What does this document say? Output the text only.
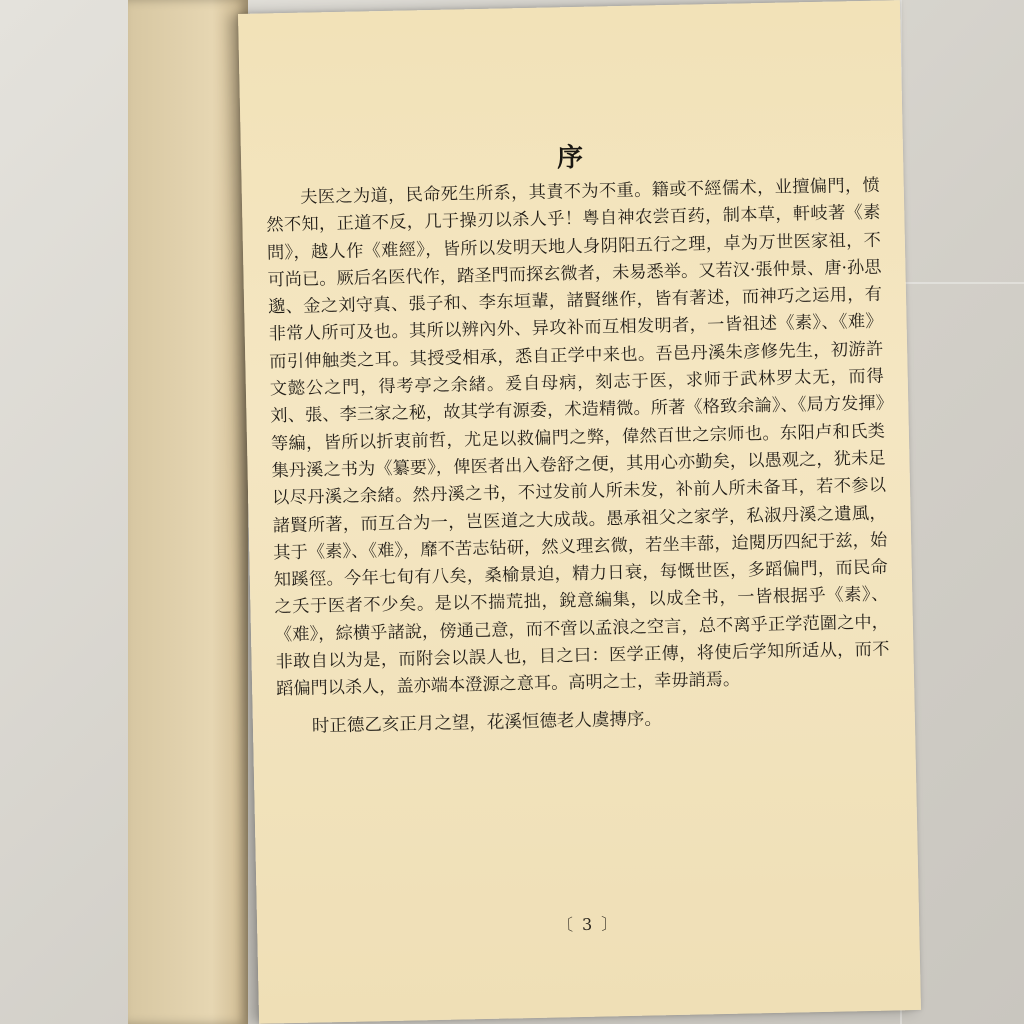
序

夫医之为道，民命死生所系，其責不为不重。籍或不經儒术，业擅偏門，愤然不知，正道不反，几于操刃以杀人乎！粤自神农尝百药，制本草，軒岐著《素問》，越人作《难經》，皆所以发明天地人身阴阳五行之理，卓为万世医家祖，不可尚已。厥后名医代作，踏圣門而探玄微者，未易悉举。又若汉·張仲景、唐·孙思邈、金之刘守真、張子和、李东垣輩，諸賢继作，皆有著述，而神巧之运用，有非常人所可及也。其所以辨內外、异攻补而互相发明者，一皆祖述《素》、《难》而引伸触类之耳。其授受相承，悉自正学中来也。吾邑丹溪朱彦修先生，初游許文懿公之門，得考亭之余緒。爰自母病，刻志于医，求师于武林罗太无，而得刘、張、李三家之秘，故其学有源委，术造精微。所著《格致余論》、《局方发揮》等編，皆所以折衷前哲，尤足以救偏門之弊，偉然百世之宗师也。东阳卢和氏类集丹溪之书为《纂要》，俾医者出入卷舒之便，其用心亦勤矣，以愚观之，犹未足以尽丹溪之余緒。然丹溪之书，不过发前人所未发，补前人所未备耳，若不参以諸賢所著，而互合为一，岂医道之大成哉。愚承祖父之家学，私淑丹溪之遺風，其于《素》、《难》，靡不苦志钻研，然义理玄微，若坐丰蔀，迨閱历四紀于兹，始知蹊徑。今年七旬有八矣，桑榆景迫，精力日衰，每慨世医，多蹈偏門，而民命之夭于医者不少矣。是以不揣荒拙，銳意編集，以成全书，一皆根据乎《素》、《难》，綜横乎諸說，傍通己意，而不啻以孟浪之空言，总不离乎正学范圍之中，非敢自以为是，而附会以誤人也，目之曰：医学正傳，将使后学知所适从，而不蹈偏門以杀人，盖亦端本澄源之意耳。高明之士，幸毋誚焉。

时正德乙亥正月之望，花溪恒德老人虞摶序。

〔 3 〕
